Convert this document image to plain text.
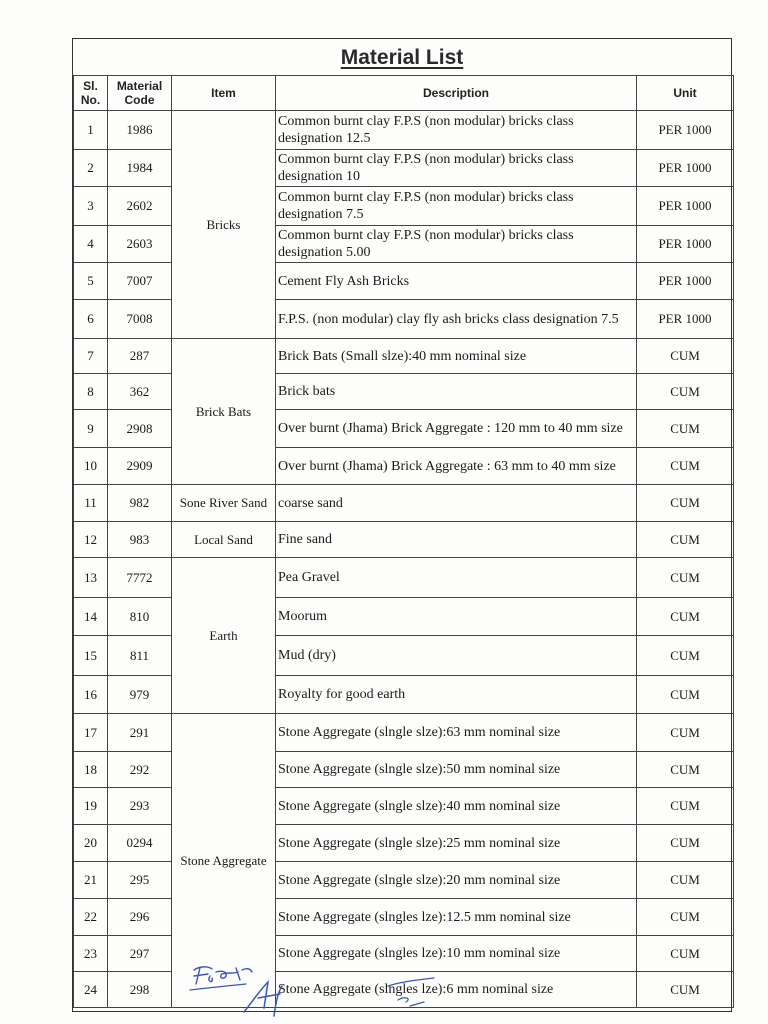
Material List
Sl. No.	Material Code	Item	Description	Unit
1	1986	Bricks	Common burnt clay F.P.S (non modular) bricks class designation 12.5	PER 1000
2	1984		Common burnt clay F.P.S (non modular) bricks class designation 10	PER 1000
3	2602		Common burnt clay F.P.S (non modular) bricks class designation 7.5	PER 1000
4	2603		Common burnt clay F.P.S (non modular) bricks class designation 5.00	PER 1000
5	7007		Cement Fly Ash Bricks	PER 1000
6	7008		F.P.S. (non modular) clay fly ash bricks class designation 7.5	PER 1000
7	287	Brick Bats	Brick Bats (Small slze):40 mm nominal size	CUM
8	362		Brick bats	CUM
9	2908		Over burnt (Jhama) Brick Aggregate : 120 mm to 40 mm size	CUM
10	2909		Over burnt (Jhama) Brick Aggregate : 63 mm to 40 mm size	CUM
11	982	Sone River Sand	coarse sand	CUM
12	983	Local Sand	Fine sand	CUM
13	7772	Earth	Pea Gravel	CUM
14	810		Moorum	CUM
15	811		Mud (dry)	CUM
16	979		Royalty for good earth	CUM
17	291	Stone Aggregate	Stone Aggregate (slngle slze):63 mm nominal size	CUM
18	292		Stone Aggregate (slngle slze):50 mm nominal size	CUM
19	293		Stone Aggregate (slngle slze):40 mm nominal size	CUM
20	0294		Stone Aggregate (slngle slze):25 mm nominal size	CUM
21	295		Stone Aggregate (slngle slze):20 mm nominal size	CUM
22	296		Stone Aggregate (slngles lze):12.5 mm nominal size	CUM
23	297		Stone Aggregate (slngles lze):10 mm nominal size	CUM
24	298		Stone Aggregate (slngles lze):6 mm nominal size	CUM
